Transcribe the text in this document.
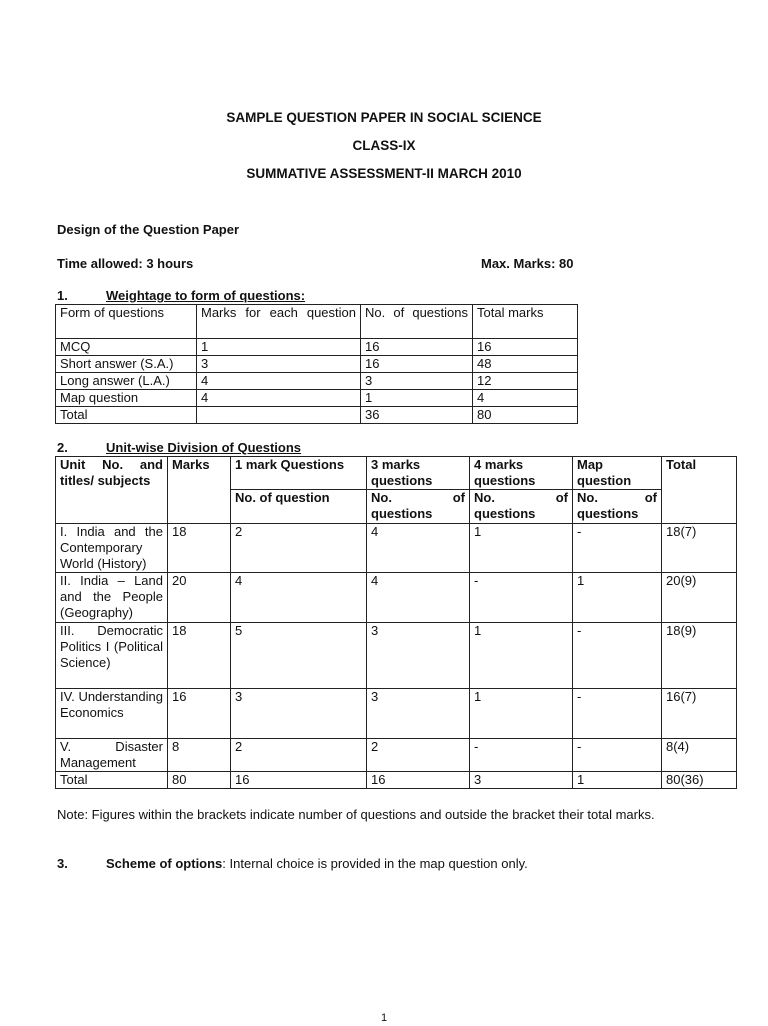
SAMPLE QUESTION PAPER IN SOCIAL SCIENCE
CLASS-IX
SUMMATIVE ASSESSMENT-II MARCH 2010
Design of the Question Paper
Time allowed: 3 hours	Max. Marks: 80
1.	Weightage to form of questions:
Form of questions	Marks for each question	No. of questions	Total marks
MCQ	1	16	16
Short answer (S.A.)	3	16	48
Long answer (L.A.)	4	3	12
Map question	4	1	4
Total		36	80
2.	Unit-wise Division of Questions
Unit No. and titles/ subjects	Marks	1 mark Questions	3 marks questions	4 marks questions	Map question	Total
		No. of question	No. of questions	No. of questions	No. of questions	

I. India and the Contemporary World (History)	18	2	4	1	-	18(7)

II. India – Land and the People (Geography)	20	4	4	-	1	20(9)

III. Democratic Politics I (Political Science)	18	5	3	1	-	18(9)

IV. Understanding Economics	16	3	3	1	-	16(7)

V. Disaster Management	8	2	2	-	-	8(4)
Total	80	16	16	3	1	80(36)
Note: Figures within the brackets indicate number of questions and outside the bracket their total marks.
3.	Scheme of options: Internal choice is provided in the map question only.
1
